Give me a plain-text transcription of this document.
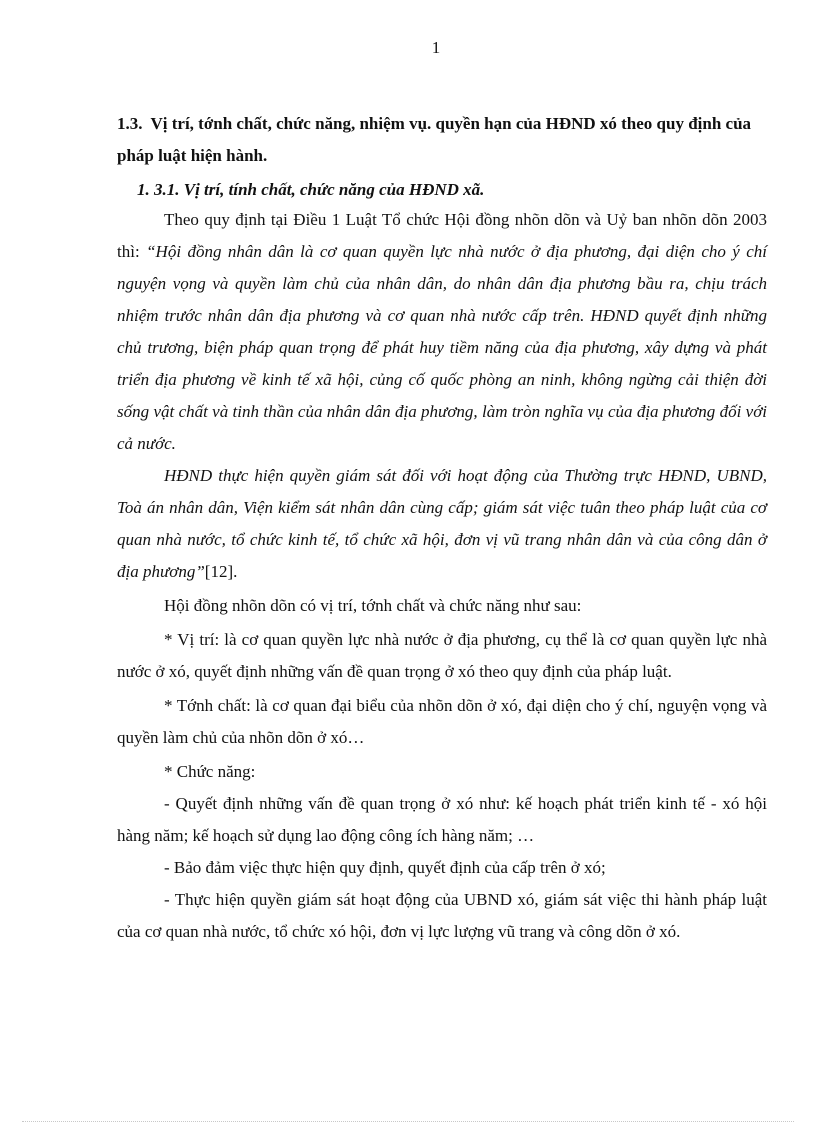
1
1.3. Vị trí, tớnh chất, chức năng, nhiệm vụ. quyền hạn của HĐND xó theo quy định của pháp luật hiện hành.
1. 3.1. Vị trí, tính chất, chức năng của HĐND xã.

Theo quy định tại Điều 1 Luật Tổ chức Hội đồng nhõn dõn và Uỷ ban nhõn dõn 2003 thì: “Hội đồng nhân dân là cơ quan quyền lực nhà nước ở địa phương, đại diện cho ý chí nguyện vọng và quyền làm chủ của nhân dân, do nhân dân địa phương bầu ra, chịu trách nhiệm trước nhân dân địa phương và cơ quan nhà nước cấp trên. HĐND quyết định những chủ trương, biện pháp quan trọng để phát huy tiềm năng của địa phương, xây dựng và phát triển địa phương về kinh tế xã hội, củng cố quốc phòng an ninh, không ngừng cải thiện đời sống vật chất và tinh thần của nhân dân địa phương, làm tròn nghĩa vụ của địa phương đối với cả nước.

HĐND thực hiện quyền giám sát đối với hoạt động của Thường trực HĐND, UBND, Toà án nhân dân, Viện kiểm sát nhân dân cùng cấp; giám sát việc tuân theo pháp luật của cơ quan nhà nước, tổ chức kinh tế, tổ chức xã hội, đơn vị vũ trang nhân dân và của công dân ở địa phương”[12].

Hội đồng nhõn dõn có vị trí, tớnh chất và chức năng như sau:

* Vị trí: là cơ quan quyền lực nhà nước ở địa phương, cụ thể là cơ quan quyền lực nhà nước ở xó, quyết định những vấn đề quan trọng ở xó theo quy định của pháp luật.

* Tớnh chất: là cơ quan đại biểu của nhõn dõn ở xó, đại diện cho ý chí, nguyện vọng và quyền làm chủ của nhõn dõn ở xó…

* Chức năng:

- Quyết định những vấn đề quan trọng ở xó như: kế hoạch phát triển kinh tế - xó hội hàng năm; kế hoạch sử dụng lao động công ích hàng năm; …

- Bảo đảm việc thực hiện quy định, quyết định của cấp trên ở xó;

- Thực hiện quyền giám sát hoạt động của UBND xó, giám sát việc thi hành pháp luật của cơ quan nhà nước, tổ chức xó hội, đơn vị lực lượng vũ trang và công dõn ở xó.
